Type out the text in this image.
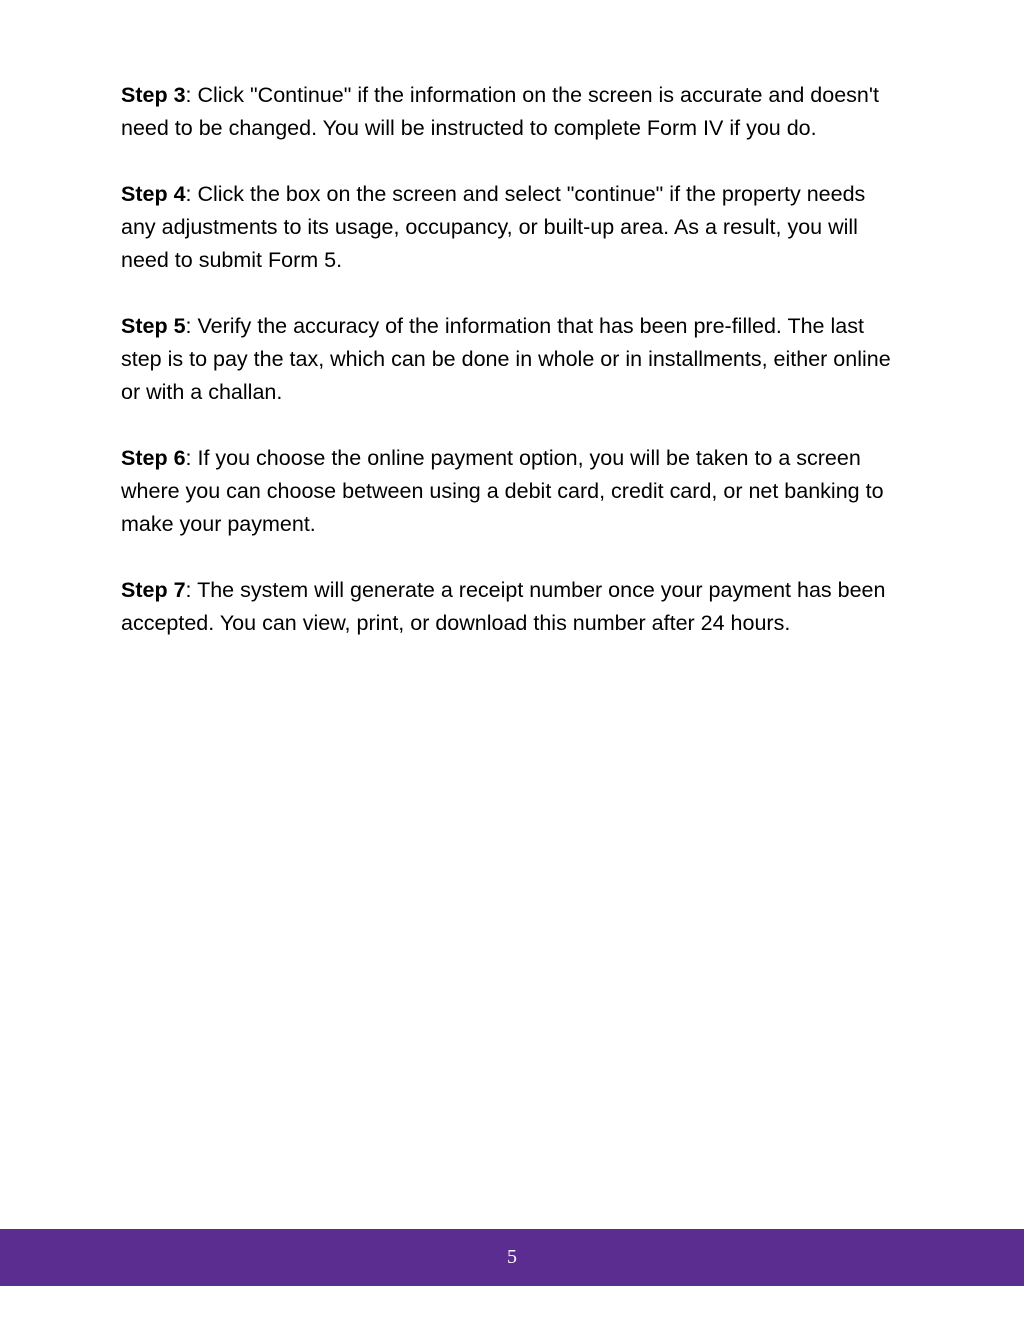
Step 3: Click "Continue" if the information on the screen is accurate and doesn't need to be changed. You will be instructed to complete Form IV if you do.

Step 4: Click the box on the screen and select "continue" if the property needs any adjustments to its usage, occupancy, or built-up area. As a result, you will need to submit Form 5.

Step 5: Verify the accuracy of the information that has been pre-filled. The last step is to pay the tax, which can be done in whole or in installments, either online or with a challan.

Step 6: If you choose the online payment option, you will be taken to a screen where you can choose between using a debit card, credit card, or net banking to make your payment.

Step 7: The system will generate a receipt number once your payment has been accepted. You can view, print, or download this number after 24 hours.

5
